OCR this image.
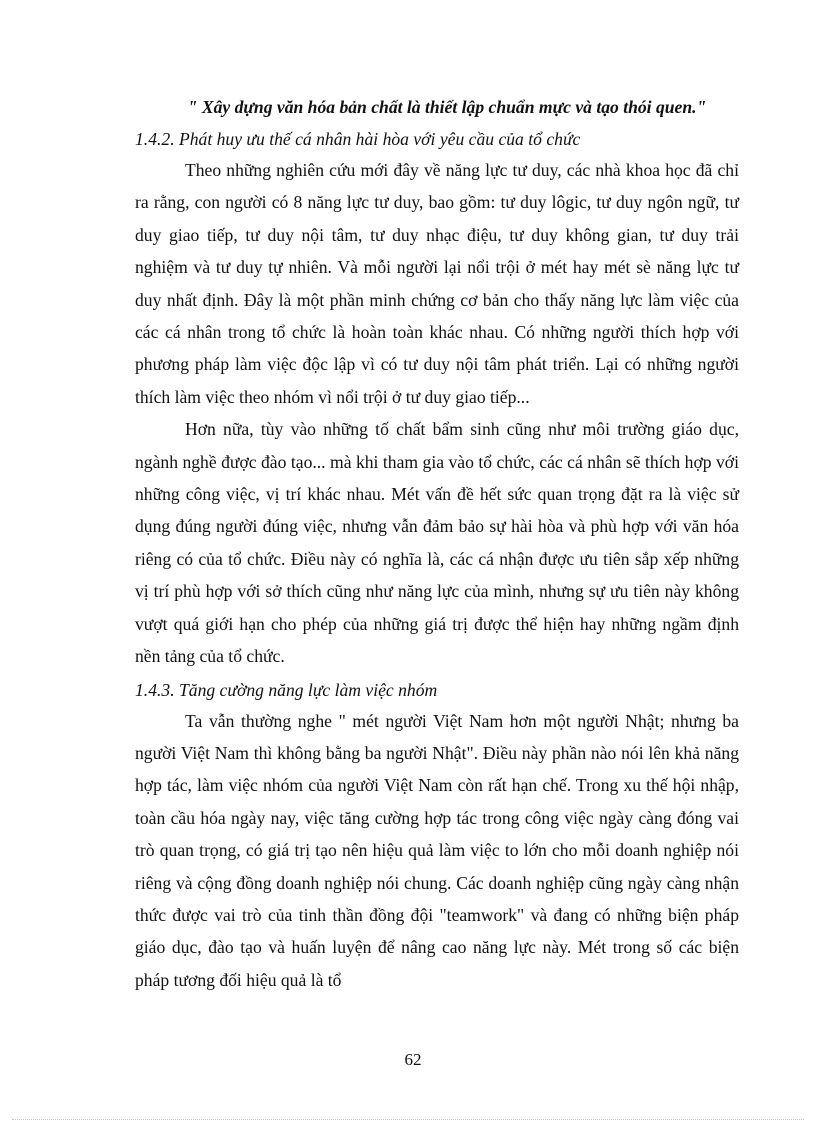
" Xây dựng văn hóa bản chất là thiết lập chuẩn mực và tạo thói quen."

1.4.2. Phát huy ưu thế cá nhân hài hòa với yêu cầu của tổ chức

Theo những nghiên cứu mới đây về năng lực tư duy, các nhà khoa học đã chỉ ra rằng, con người có 8 năng lực tư duy, bao gồm: tư duy lôgic, tư duy ngôn ngữ, tư duy giao tiếp, tư duy nội tâm, tư duy nhạc điệu, tư duy không gian, tư duy trải nghiệm và tư duy tự nhiên. Và mỗi người lại nổi trội ở mét hay mét sè năng lực tư duy nhất định. Đây là một phần minh chứng cơ bản cho thấy năng lực làm việc của các cá nhân trong tổ chức là hoàn toàn khác nhau. Có những người thích hợp với phương pháp làm việc độc lập vì có tư duy nội tâm phát triển. Lại có những người thích làm việc theo nhóm vì nổi trội ở tư duy giao tiếp...

Hơn nữa, tùy vào những tố chất bẩm sinh cũng như môi trường giáo dục, ngành nghề được đào tạo... mà khi tham gia vào tổ chức, các cá nhân sẽ thích hợp với những công việc, vị trí khác nhau. Mét vấn đề hết sức quan trọng đặt ra là việc sử dụng đúng người đúng việc, nhưng vẫn đảm bảo sự hài hòa và phù hợp với văn hóa riêng có của tổ chức. Điều này có nghĩa là, các cá nhận được ưu tiên sắp xếp những vị trí phù hợp với sở thích cũng như năng lực của mình, nhưng sự ưu tiên này không vượt quá giới hạn cho phép của những giá trị được thể hiện hay những ngầm định nền tảng của tổ chức.

1.4.3. Tăng cường năng lực làm việc nhóm

Ta vẫn thường nghe " mét người Việt Nam hơn một người Nhật; nhưng ba người Việt Nam thì không bằng ba người Nhật". Điều này phần nào nói lên khả năng hợp tác, làm việc nhóm của người Việt Nam còn rất hạn chế. Trong xu thế hội nhập, toàn cầu hóa ngày nay, việc tăng cường hợp tác trong công việc ngày càng đóng vai trò quan trọng, có giá trị tạo nên hiệu quả làm việc to lớn cho mỗi doanh nghiệp nói riêng và cộng đồng doanh nghiệp nói chung. Các doanh nghiệp cũng ngày càng nhận thức được vai trò của tinh thần đồng đội "teamwork" và đang có những biện pháp giáo dục, đào tạo và huấn luyện để nâng cao năng lực này. Mét trong số các biện pháp tương đối hiệu quả là tổ

62
